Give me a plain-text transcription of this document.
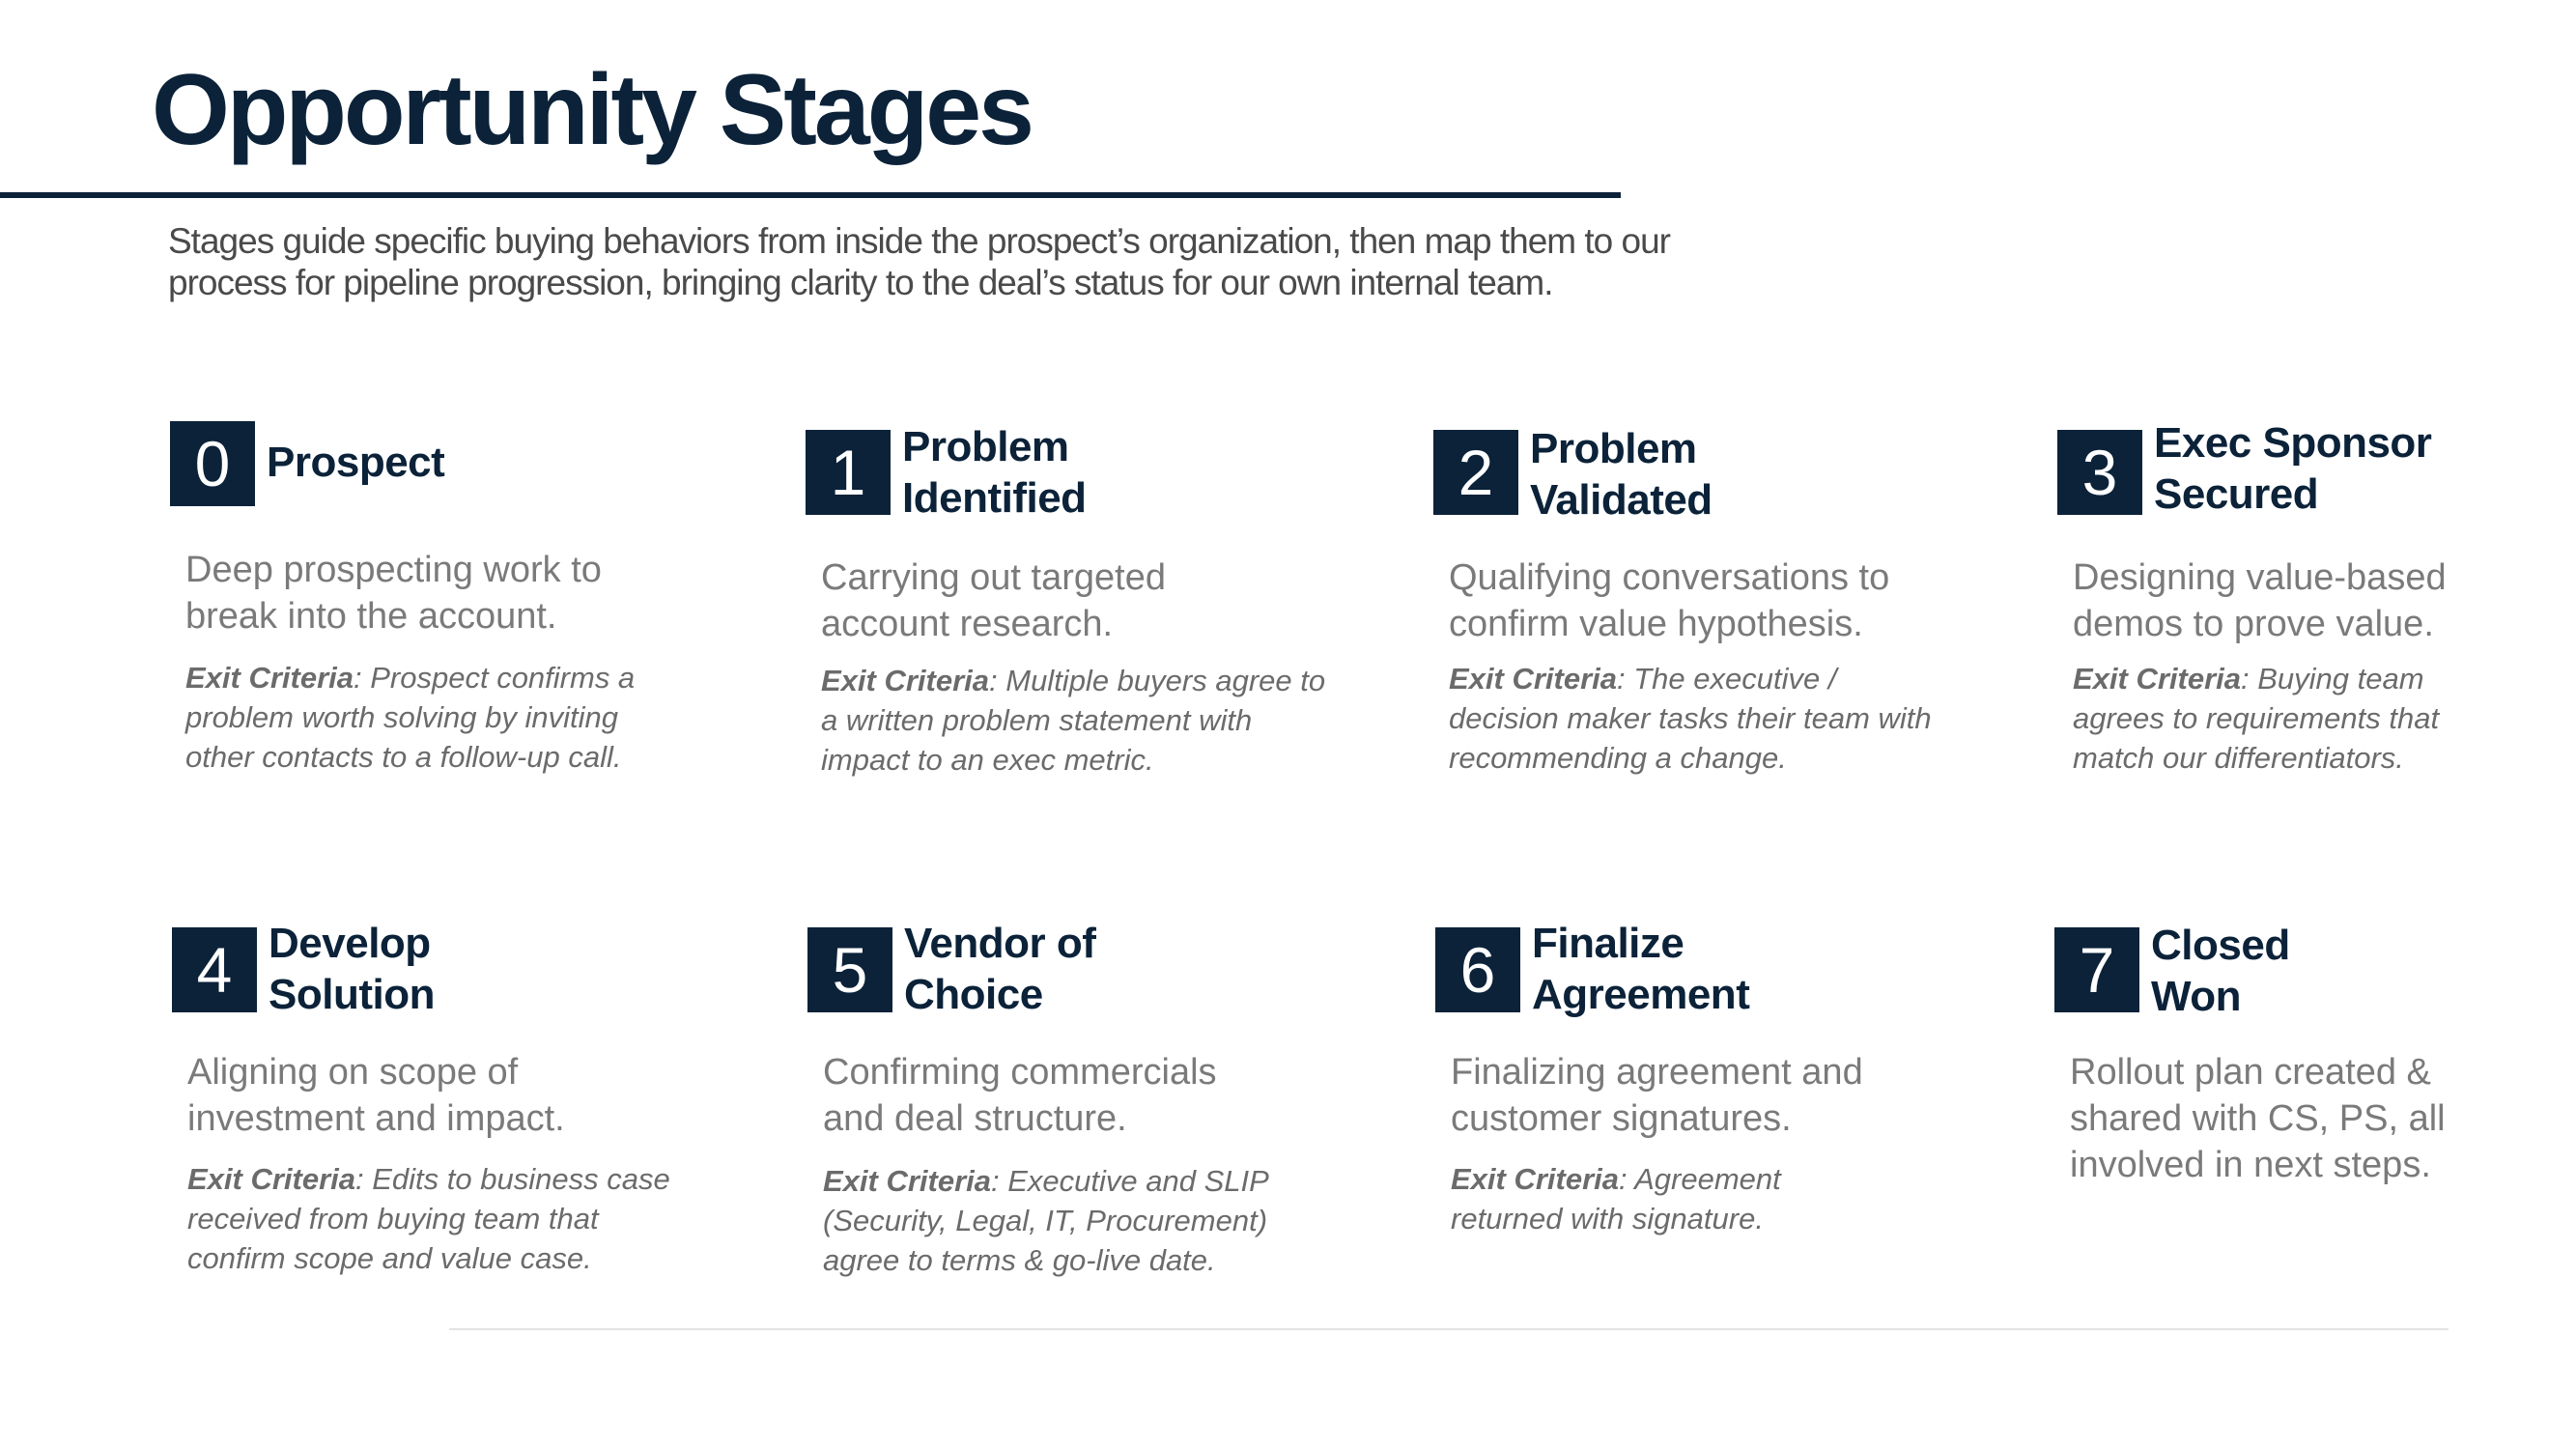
Opportunity Stages

Stages guide specific buying behaviors from inside the prospect’s organization, then map them to our process for pipeline progression, bringing clarity to the deal’s status for our own internal team.

0 Prospect

Deep prospecting work to
break into the account.

Exit Criteria: Prospect confirms a
problem worth solving by inviting
other contacts to a follow-up call.

1 Problem
Identified

Carrying out targeted
account research.

Exit Criteria: Multiple buyers agree to
a written problem statement with
impact to an exec metric.

2 Problem
Validated

Qualifying conversations to
confirm value hypothesis.

Exit Criteria: The executive /
decision maker tasks their team with
recommending a change.

3 Exec Sponsor
Secured

Designing value-based
demos to prove value.

Exit Criteria: Buying team
agrees to requirements that
match our differentiators.

4 Develop
Solution

Aligning on scope of
investment and impact.

Exit Criteria: Edits to business case
received from buying team that
confirm scope and value case.

5 Vendor of
Choice

Confirming commercials
and deal structure.

Exit Criteria: Executive and SLIP
(Security, Legal, IT, Procurement)
agree to terms & go-live date.

6 Finalize
Agreement

Finalizing agreement and
customer signatures.

Exit Criteria: Agreement
returned with signature.

7 Closed
Won

Rollout plan created &
shared with CS, PS, all
involved in next steps.
